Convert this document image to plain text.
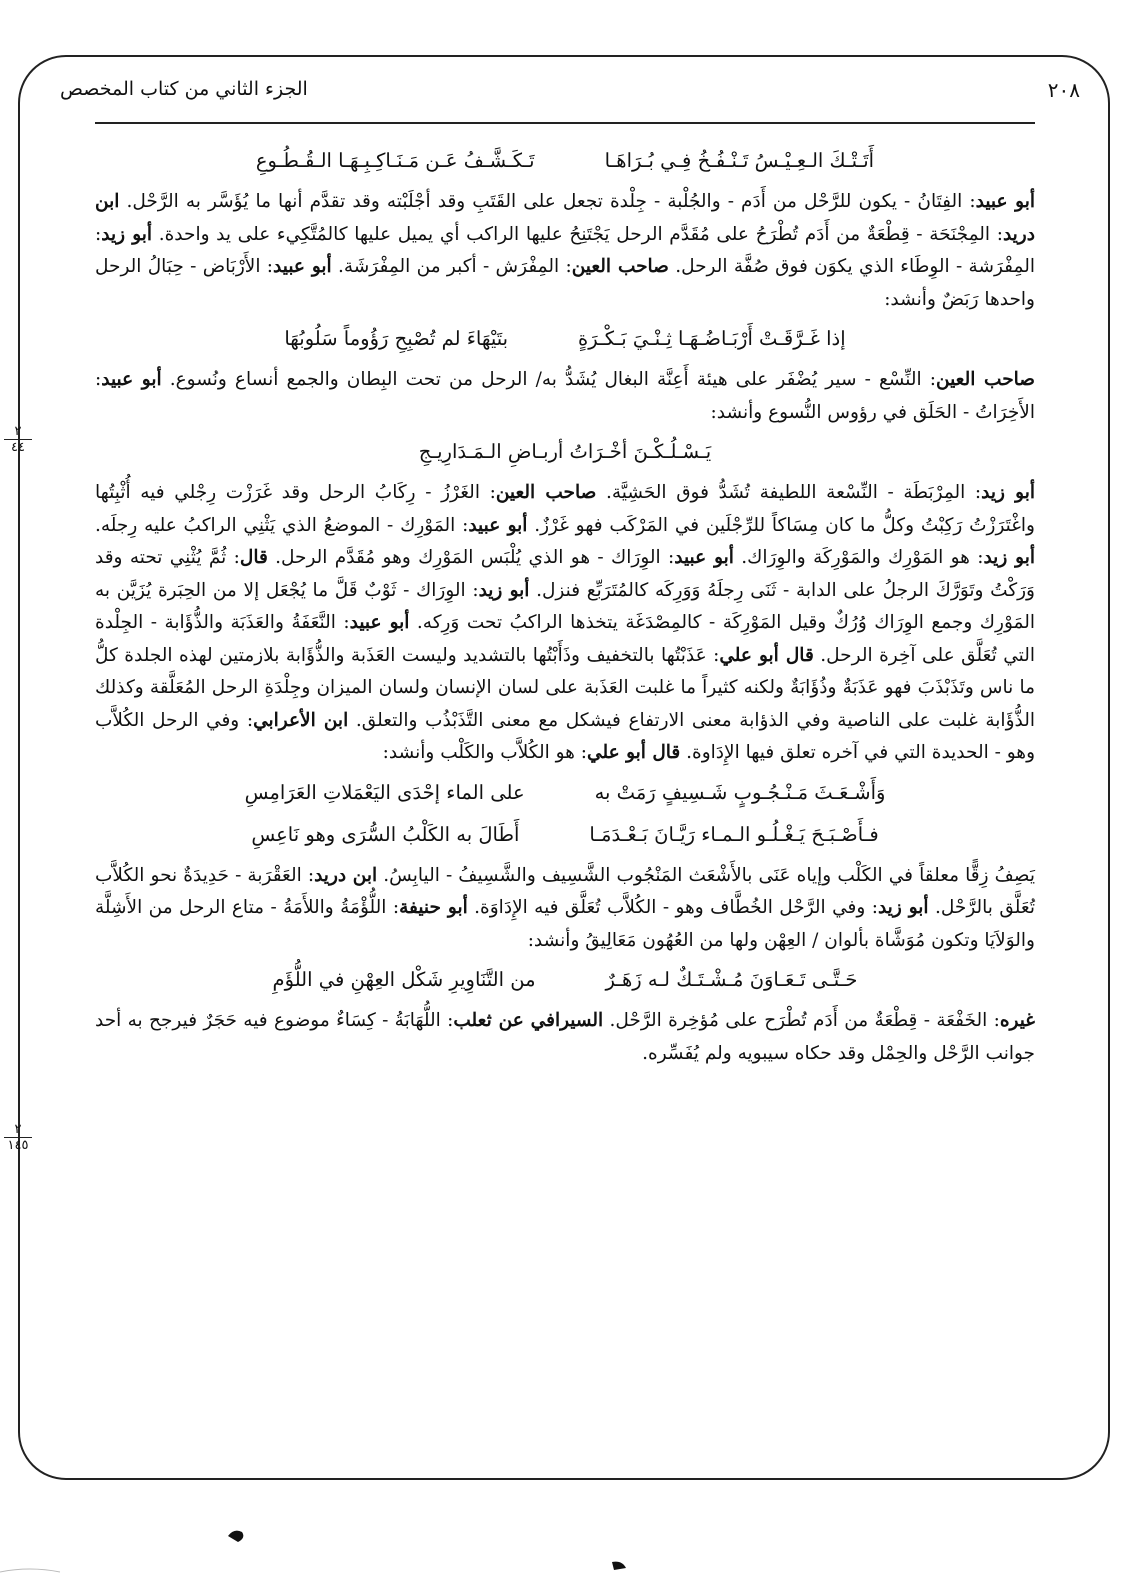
٢٠٨
الجزء الثاني من كتاب المخصص
أَتَـتْـكَ الـعِـيْـسُ تَـنْـفُـخُ فِـي بُـرَاهَـا
تَـكَـشَّـفُ عَـن مَـنَـاكِـبِـهَـا الـقُـطُـوعِ

أبو عبيد: الفِتَانُ - يكون للرَّحْل من أَدَم - والجُلْبة - جِلْدة تجعل على القَتَبِ وقد أجْلَبْته وقد تقدَّم أنها ما يُؤَسَّر به الرَّحْل. ابن دريد: المِجْنَحَة - قِطْعَةٌ من أَدَم تُطْرَحُ على مُقَدَّم الرحل يَجْتَنِحُ عليها الراكب أي يميل عليها كالمُتَّكِيء على يد واحدة. أبو زيد: المِفْرَشة - الوِطَاء الذي يكوَن فوق صُفَّة الرحل. صاحب العين: المِفْرَش - أكبر من المِفْرَشَة. أبو عبيد: الأَرْبَاض - حِبَالُ الرحل واحدها رَبَضٌ وأنشد:

إذا غَـرَّقَـتْ أَرْبَـاضُـهَـا ثِـنْـيَ بَـكْـرَةٍ
بتَيْهَاءَ لم تُصْبِحِ رَؤُوماً سَلُوبُهَا

صاحب العين: النِّسْع - سير يُضْفَر على هيئة أَعِنَّة البغال يُشَدُّ به/ الرحل من تحت البِطان والجمع أنساع ونُسوع. أبو عبيد: الأَخِرَاتُ - الحَلَق في رؤوس النُّسوع وأنشد:

يَـسْـلُـكْـنَ أخْـرَاتُ أربـاضِ الـمَـدَارِيـجِ

أبو زيد: المِرْبَطَة - النِّسْعة اللطيفة تُشَدُّ فوق الحَشِيَّة. صاحب العين: الغَرْزُ - رِكَابُ الرحل وقد غَرَزْت رِجْلي فيه أُثْبِتُها واغْتَرَزْتُ رَكِبْتُ وكلُّ ما كان مِسَاكاً للرِّجْلَين في المَرْكَب فهو غَرْزٌ. أبو عبيد: المَوْرِك - الموضعُ الذي يَثْنِي الراكبُ عليه رِجلَه. أبو زيد: هو المَوْرِك والمَوْرِكَة والوِرَاك. أبو عبيد: الوِرَاك - هو الذي يُلْبَس المَوْرِك وهو مُقَدَّم الرحل. قال: ثُمَّ يُثْنِي تحته وقد وَرَكْتُ وتَوَرَّكَ الرجلُ على الدابة - ثَنَى رِجلَهُ وَوَرِكَه كالمُتَرَبِّع فنزل. أبو زيد: الوِرَاك - ثَوْبٌ قَلَّ ما يُجْعَل إلا من الحِبَرة يُزَيَّن به المَوْرِك وجمع الوِرَاك وُرُكٌ وقيل المَوْرِكَة - كالمِصْدَغَة يتخذها الراكبُ تحت وَرِكه. أبو عبيد: النَّعَفَةُ والعَذَبَة والذُّؤَابة - الجِلْدة التي تُعَلَّق على آخِرة الرحل. قال أبو علي: عَذَبْتُها بالتخفيف وذَأَبْتُها بالتشديد وليست العَذَبة والذُّؤَابة بلازمتين لهذه الجلدة كلُّ ما ناس وتَذَبْذَبَ فهو عَذَبَةٌ وذُؤَابَةٌ ولكنه كثيراً ما غلبت العَذَبة على لسان الإنسان ولسان الميزان وجِلْدَةِ الرحل المُعَلَّقة وكذلك الذُّؤَابة غلبت على الناصية وفي الذؤابة معنى الارتفاع فيشكل مع معنى التَّذَبْذُب والتعلق. ابن الأعرابي: وفي الرحل الكُلاَّب وهو - الحديدة التي في آخره تعلق فيها الإِدَاوة. قال أبو علي: هو الكُلاَّب والكَلْب وأنشد:

وَأَشْـعَـثَ مَـنْـجُـوبٍ شَـسِيفٍ رَمَتْ به
على الماء إحْدَى اليَعْمَلاتِ العَرَامِسِ
فـأَصْـبَـحَ يَـغْـلُـو الـمـاء رَيَّـانَ بَـعْـدَمَـا
أَطَالَ به الكَلْبُ السُّرَى وهو نَاعِسِ

يَصِفُ زِقًّا معلقاً في الكَلْب وإياه عَنَى بالأَشْعَث المَنْجُوب الشَّسِيف والشَّسِيفُ - اليابِسُ. ابن دريد: العَقْرَبة - حَدِيدَةٌ نحو الكُلاَّب تُعَلَّق بالرَّحْل. أبو زيد: وفي الرَّحْل الخُطَّاف وهو - الكُلاَّب تُعَلَّق فيه الإِدَاوَة. أبو حنيفة: اللُّؤْمَةُ واللأَمَةُ - متاع الرحل من الأَشِلَّة والوَلاَيَا وتكون مُوَشَّاة بألوان / العِهْن ولها من العُهُون مَعَالِيقُ وأنشد:

حَـتَّـى تَـعَـاوَنَ مُـشْـتَـكٌ لـه زَهَـرٌ
من التَّنَاوِيرِ شَكْل العِهْنِ في اللُّؤَمِ

غيره: الخَفْعَة - قِطْعَةٌ من أَدَم تُطْرَح على مُؤخِرة الرَّحْل. السيرافي عن ثعلب: اللُّهَابَةُ - كِسَاءٌ موضوع فيه حَجَرٌ فيرجح به أحد جوانب الرَّحْل والحِمْل وقد حكاه سيبويه ولم يُفَسِّره.

٢
٤٤
٢
١٤٥
